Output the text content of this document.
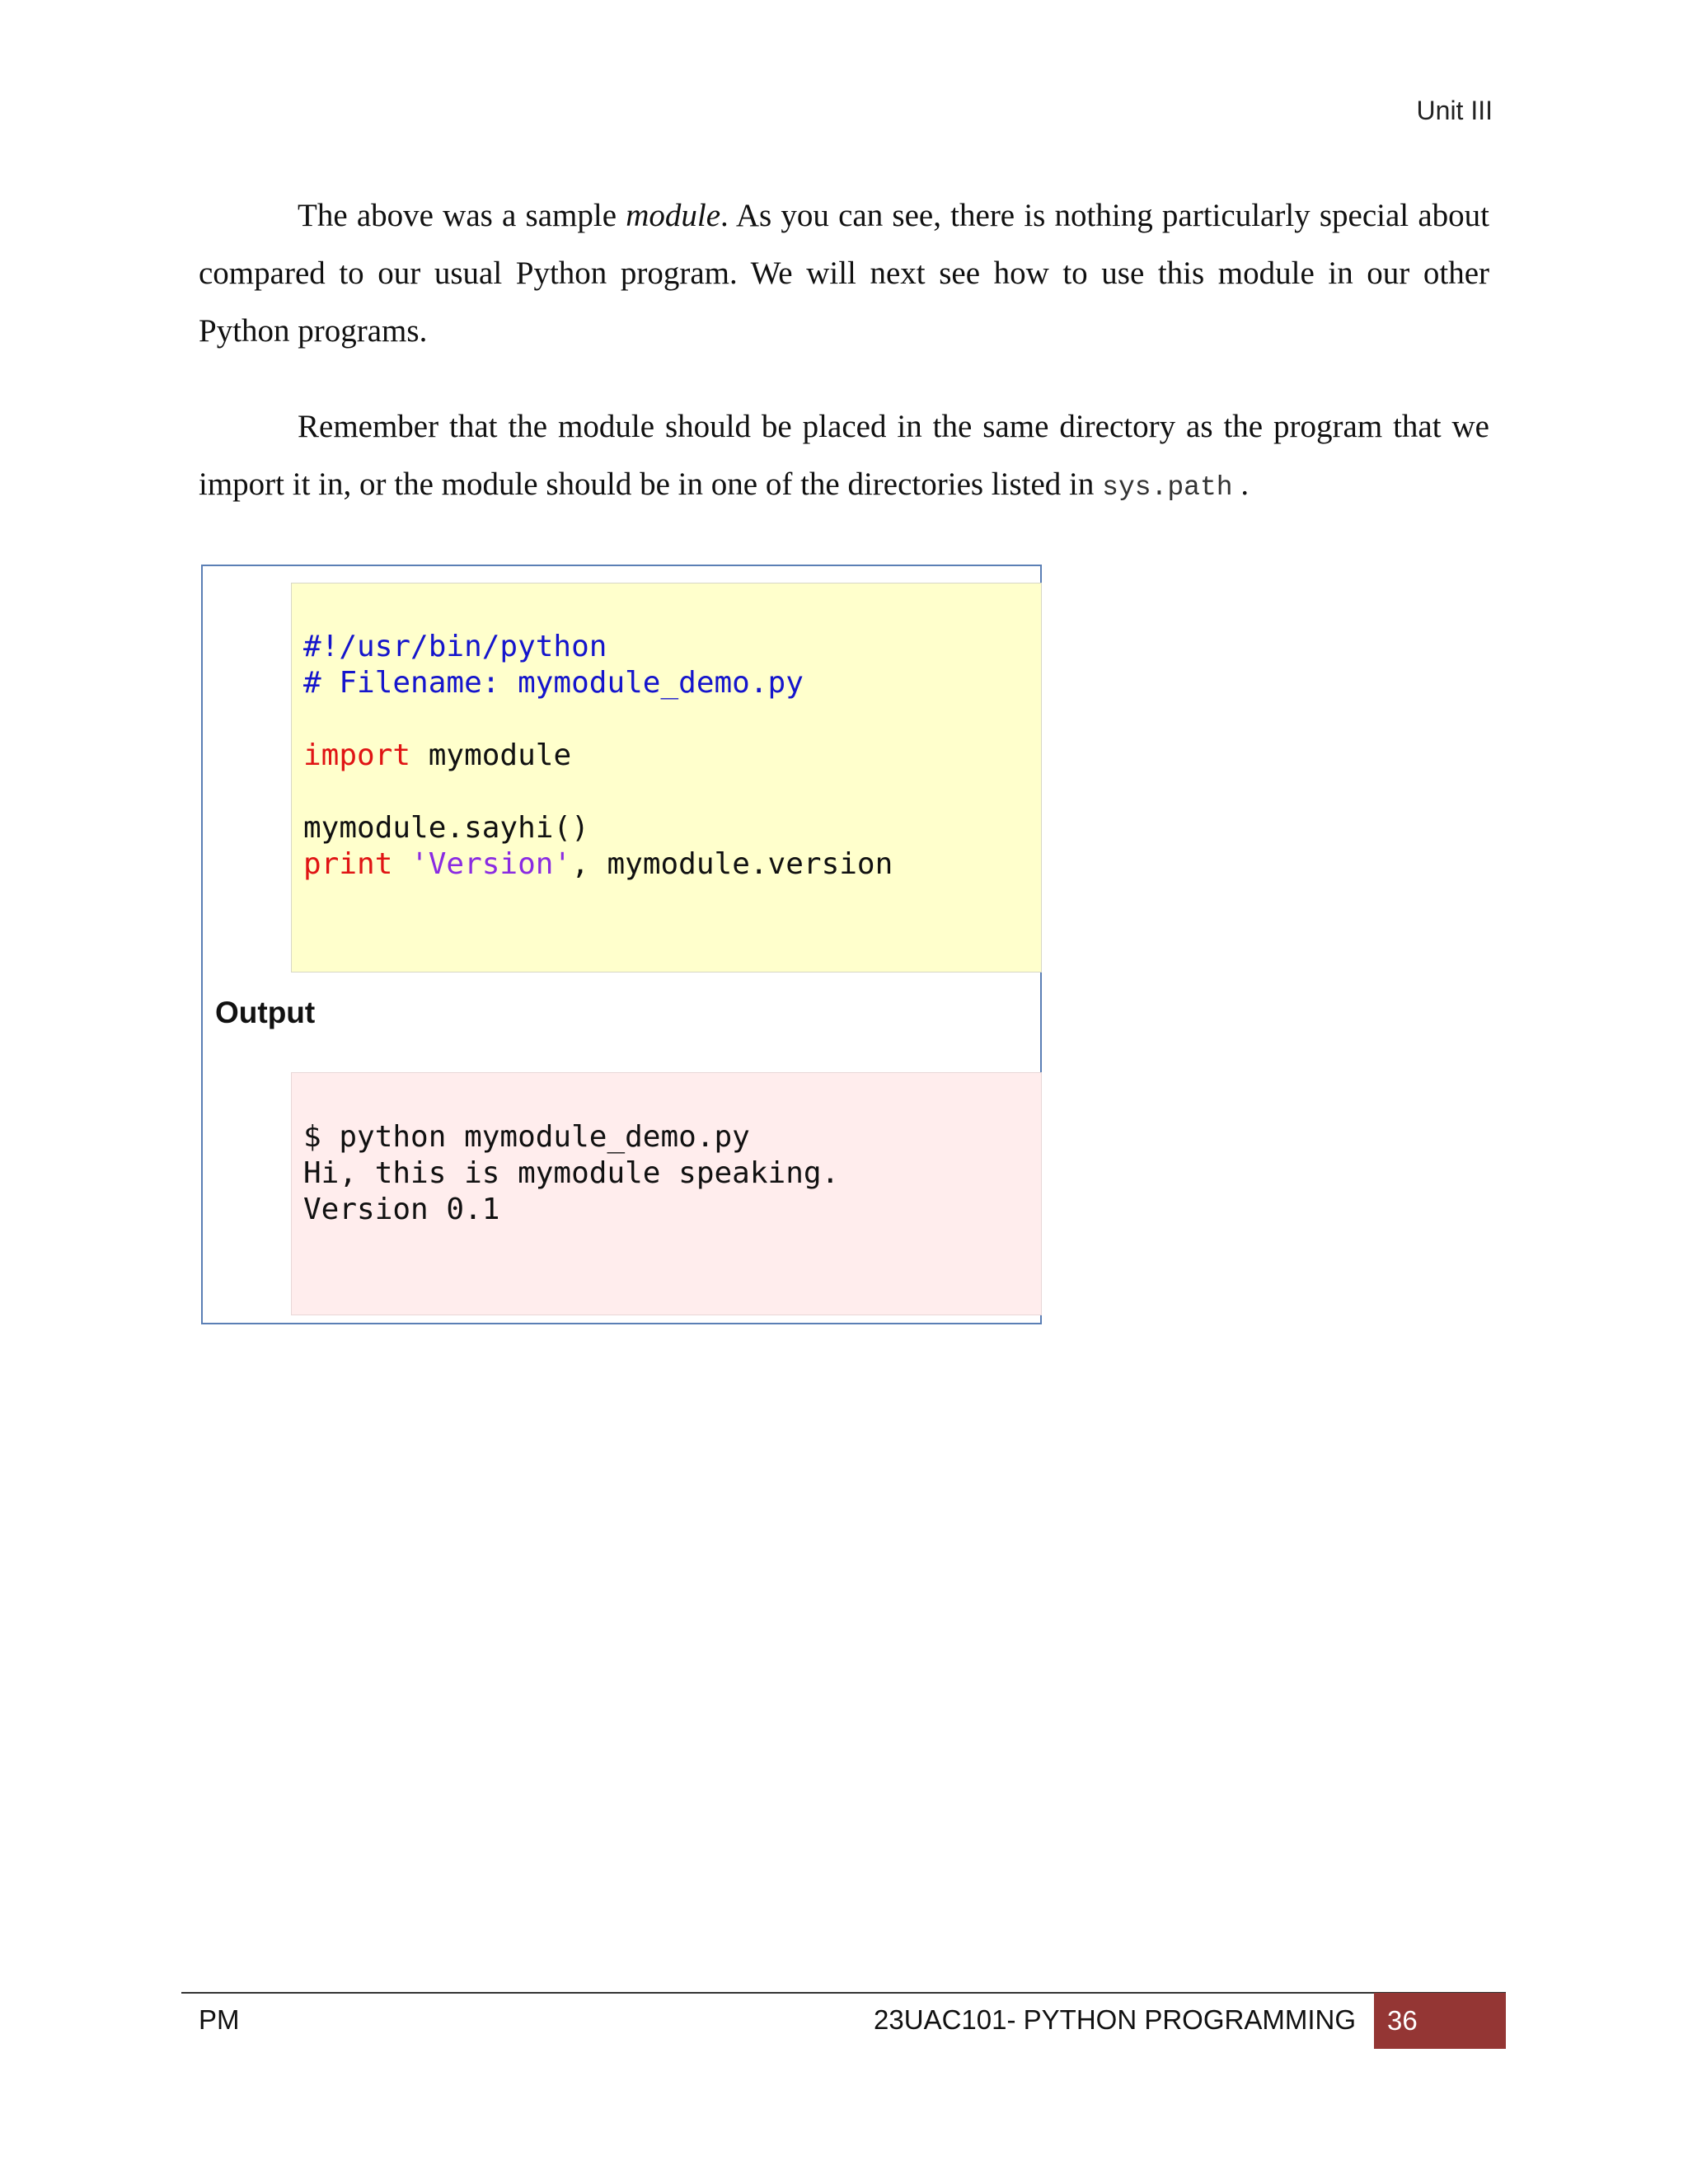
Unit III

The above was a sample module. As you can see, there is nothing particularly special about compared to our usual Python program. We will next see how to use this module in our other Python programs.

Remember that the module should be placed in the same directory as the program that we import it in, or the module should be in one of the directories listed in sys.path .

#!/usr/bin/python
# Filename: mymodule_demo.py
import mymodule
mymodule.sayhi()
print 'Version', mymodule.version
Output
$ python mymodule_demo.py
Hi, this is mymodule speaking.
Version 0.1
PM	23UAC101- PYTHON PROGRAMMING	36
